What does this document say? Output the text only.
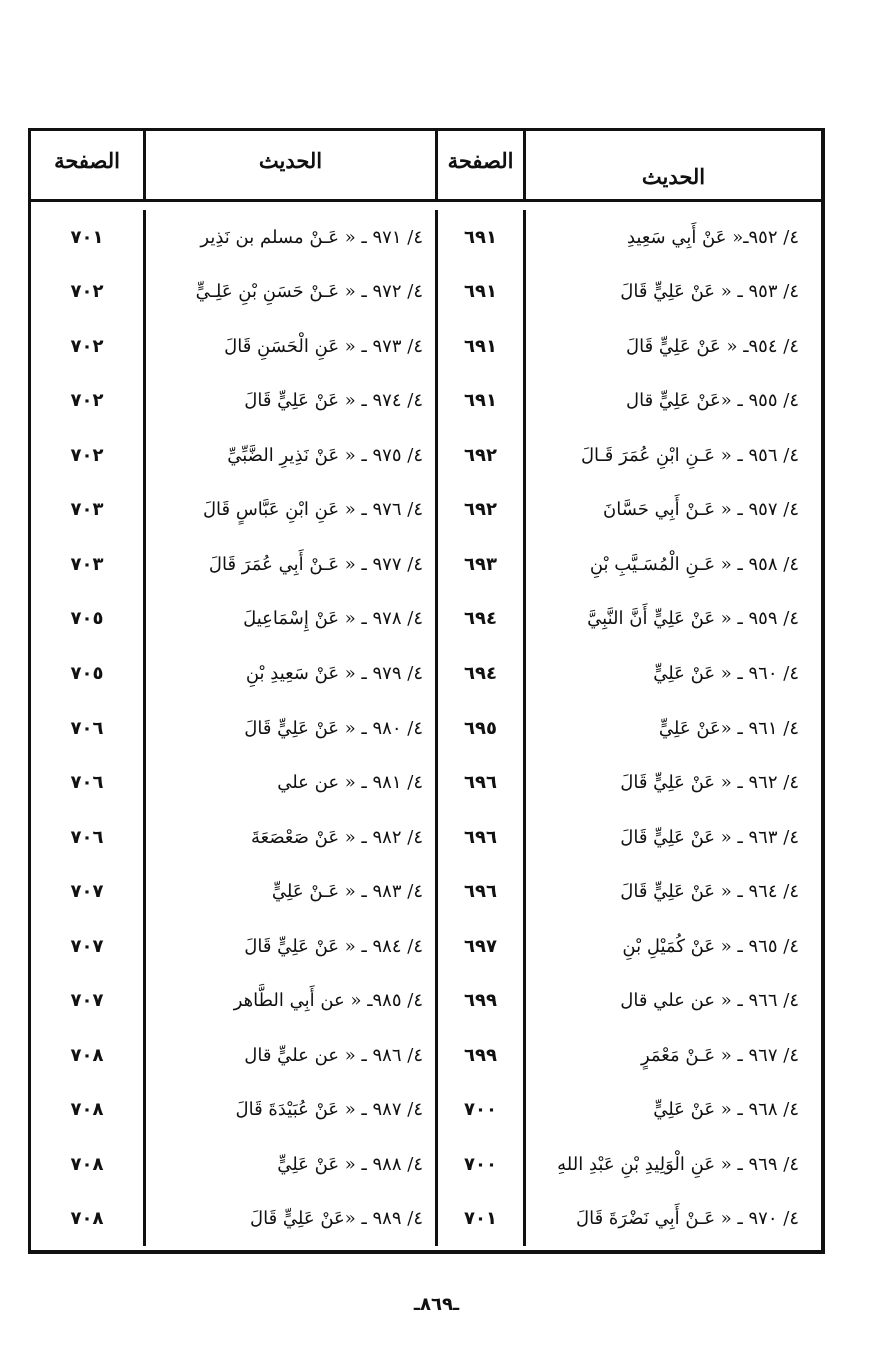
الحديث
الصفحة
الحديث
الصفحة
٤/ ٩٥٢ـ« عَنْ أَبِي سَعِيدِ
٦٩١
٤/ ٩٧١ ـ « عَـنْ مسلم بن نَذِير
٧٠١
٤/ ٩٥٣ ـ « عَنْ عَلِيٍّ قَالَ
٦٩١
٤/ ٩٧٢ ـ « عَـنْ حَسَنِ بْنِ عَلِـيٍّ
٧٠٢
٤/ ٩٥٤ـ « عَنْ عَلِيٍّ قَالَ
٦٩١
٤/ ٩٧٣ ـ « عَنِ الْحَسَنِ قَالَ
٧٠٢
٤/ ٩٥٥ ـ «عَنْ عَلِيٍّ قال
٦٩١
٤/ ٩٧٤ ـ « عَنْ عَلِيٍّ قَالَ
٧٠٢
٤/ ٩٥٦ ـ « عَـنِ ابْنِ عُمَرَ قَـالَ
٦٩٢
٤/ ٩٧٥ ـ « عَنْ نَذِيرِ الضَّبِّيِّ
٧٠٢
٤/ ٩٥٧ ـ « عَـنْ أَبِي حَسَّانَ
٦٩٢
٤/ ٩٧٦ ـ « عَنِ ابْنِ عَبَّاسٍ قَالَ
٧٠٣
٤/ ٩٥٨ ـ « عَـنِ الْمُسَـيَّبِ بْنِ
٦٩٣
٤/ ٩٧٧ ـ « عَـنْ أَبِي عُمَرَ قَالَ
٧٠٣
٤/ ٩٥٩ ـ « عَنْ عَلِيٍّ أَنَّ النَّبِيَّ
٦٩٤
٤/ ٩٧٨ ـ « عَنْ إِسْمَاعِيلَ
٧٠٥
٤/ ٩٦٠ ـ « عَنْ عَلِيٍّ
٦٩٤
٤/ ٩٧٩ ـ « عَنْ سَعِيدِ بْنِ
٧٠٥
٤/ ٩٦١ ـ «عَنْ عَلِيٍّ
٦٩٥
٤/ ٩٨٠ ـ « عَنْ عَلِيٍّ قَالَ
٧٠٦
٤/ ٩٦٢ ـ « عَنْ عَلِيٍّ قَالَ
٦٩٦
٤/ ٩٨١ ـ « عن علي
٧٠٦
٤/ ٩٦٣ ـ « عَنْ عَلِيٍّ قَالَ
٦٩٦
٤/ ٩٨٢ ـ « عَنْ صَعْصَعَةَ
٧٠٦
٤/ ٩٦٤ ـ « عَنْ عَلِيٍّ قَالَ
٦٩٦
٤/ ٩٨٣ ـ « عَـنْ عَلِيٍّ
٧٠٧
٤/ ٩٦٥ ـ « عَنْ كُمَيْلِ بْنِ
٦٩٧
٤/ ٩٨٤ ـ « عَنْ عَلِيٍّ قَالَ
٧٠٧
٤/ ٩٦٦ ـ « عن علي قال
٦٩٩
٤/ ٩٨٥ـ « عن أَبِي الطَّاهر
٧٠٧
٤/ ٩٦٧ ـ « عَـنْ مَعْمَرٍ
٦٩٩
٤/ ٩٨٦ ـ « عن عليٍّ قال
٧٠٨
٤/ ٩٦٨ ـ « عَنْ عَلِيٍّ
٧٠٠
٤/ ٩٨٧ ـ « عَنْ عُبَيْدَةَ قَالَ
٧٠٨
٤/ ٩٦٩ ـ « عَنِ الْوَلِيدِ بْنِ عَبْدِ اللهِ
٧٠٠
٤/ ٩٨٨ ـ « عَنْ عَلِيٍّ
٧٠٨
٤/ ٩٧٠ ـ « عَـنْ أَبِي نَضْرَةَ قَالَ
٧٠١
٤/ ٩٨٩ ـ «عَنْ عَلِيٍّ قَالَ
٧٠٨
ـ٨٦٩ـ
